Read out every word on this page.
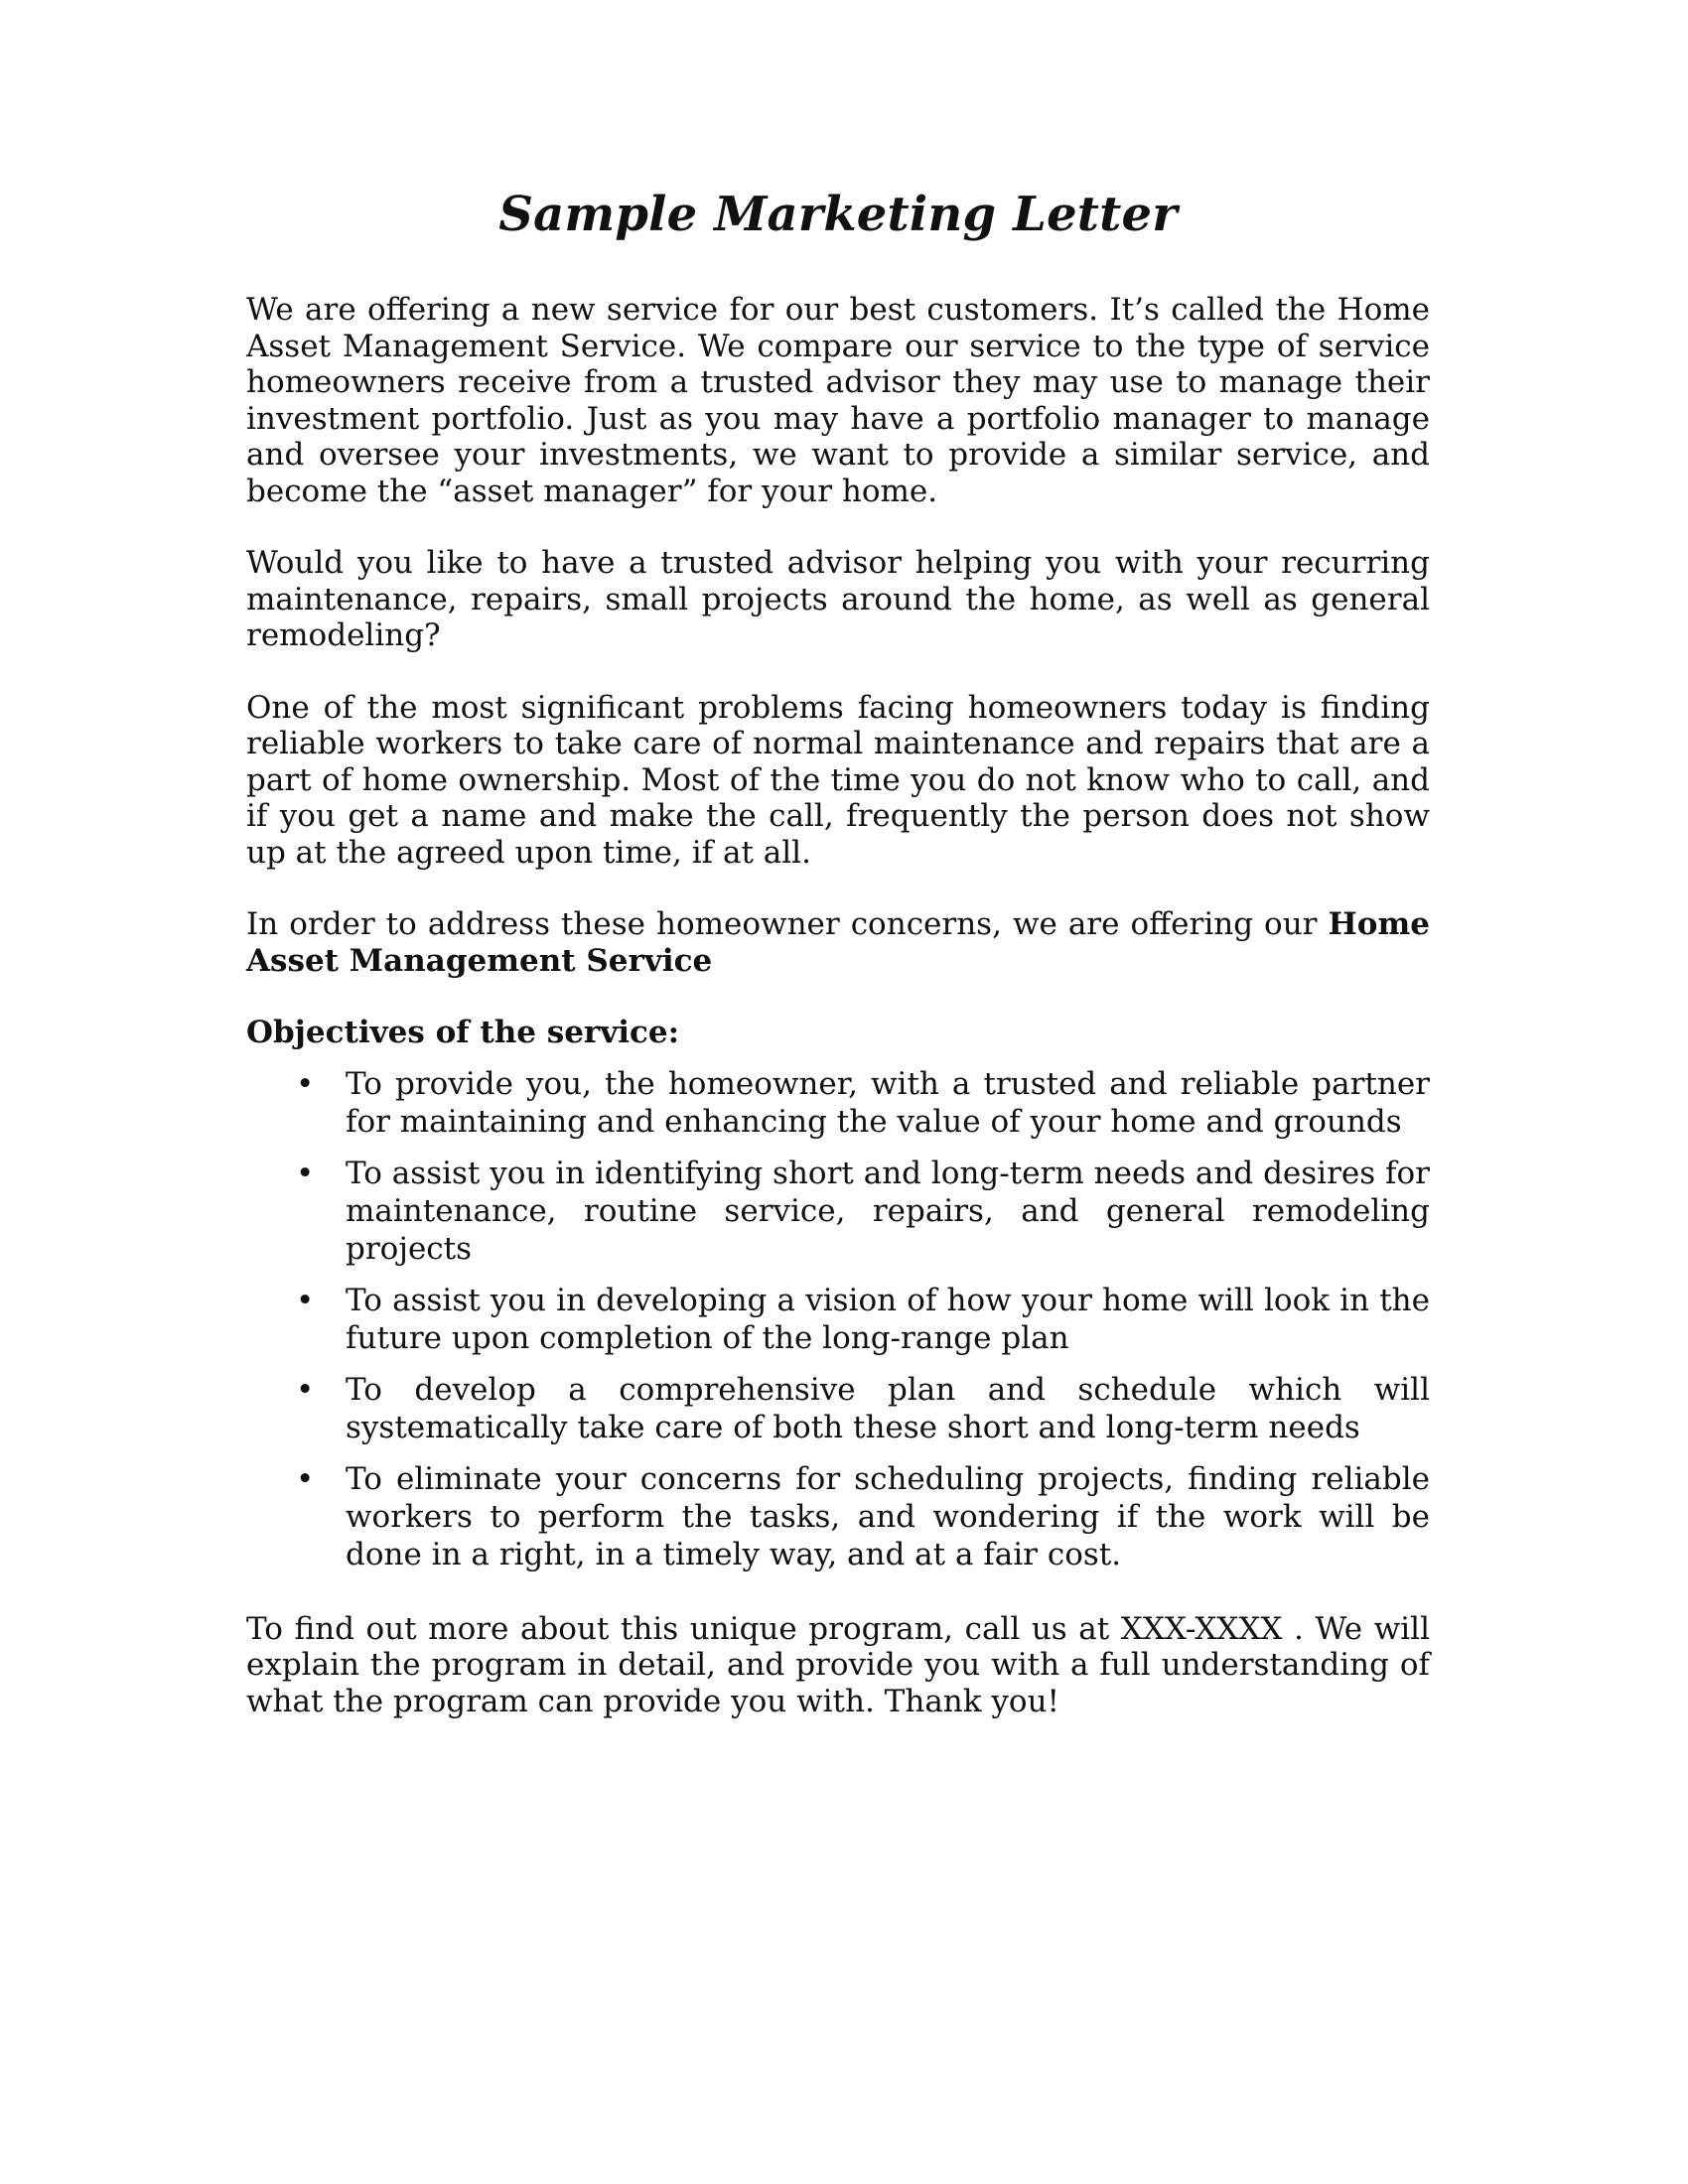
Sample Marketing Letter

We are offering a new service for our best customers. It’s called the Home Asset Management Service. We compare our service to the type of service homeowners receive from a trusted advisor they may use to manage their investment portfolio. Just as you may have a portfolio manager to manage and oversee your investments, we want to provide a similar service, and become the “asset manager” for your home.

Would you like to have a trusted advisor helping you with your recurring maintenance, repairs, small projects around the home, as well as general remodeling?

One of the most significant problems facing homeowners today is finding reliable workers to take care of normal maintenance and repairs that are a part of home ownership. Most of the time you do not know who to call, and if you get a name and make the call, frequently the person does not show up at the agreed upon time, if at all.

In order to address these homeowner concerns, we are offering our Home Asset Management Service

Objectives of the service:

• To provide you, the homeowner, with a trusted and reliable partner for maintaining and enhancing the value of your home and grounds
• To assist you in identifying short and long-term needs and desires for maintenance, routine service, repairs, and general remodeling projects
• To assist you in developing a vision of how your home will look in the future upon completion of the long-range plan
• To develop a comprehensive plan and schedule which will systematically take care of both these short and long-term needs
• To eliminate your concerns for scheduling projects, finding reliable workers to perform the tasks, and wondering if the work will be done in a right, in a timely way, and at a fair cost.

To find out more about this unique program, call us at XXX-XXXX . We will explain the program in detail, and provide you with a full understanding of what the program can provide you with. Thank you!
